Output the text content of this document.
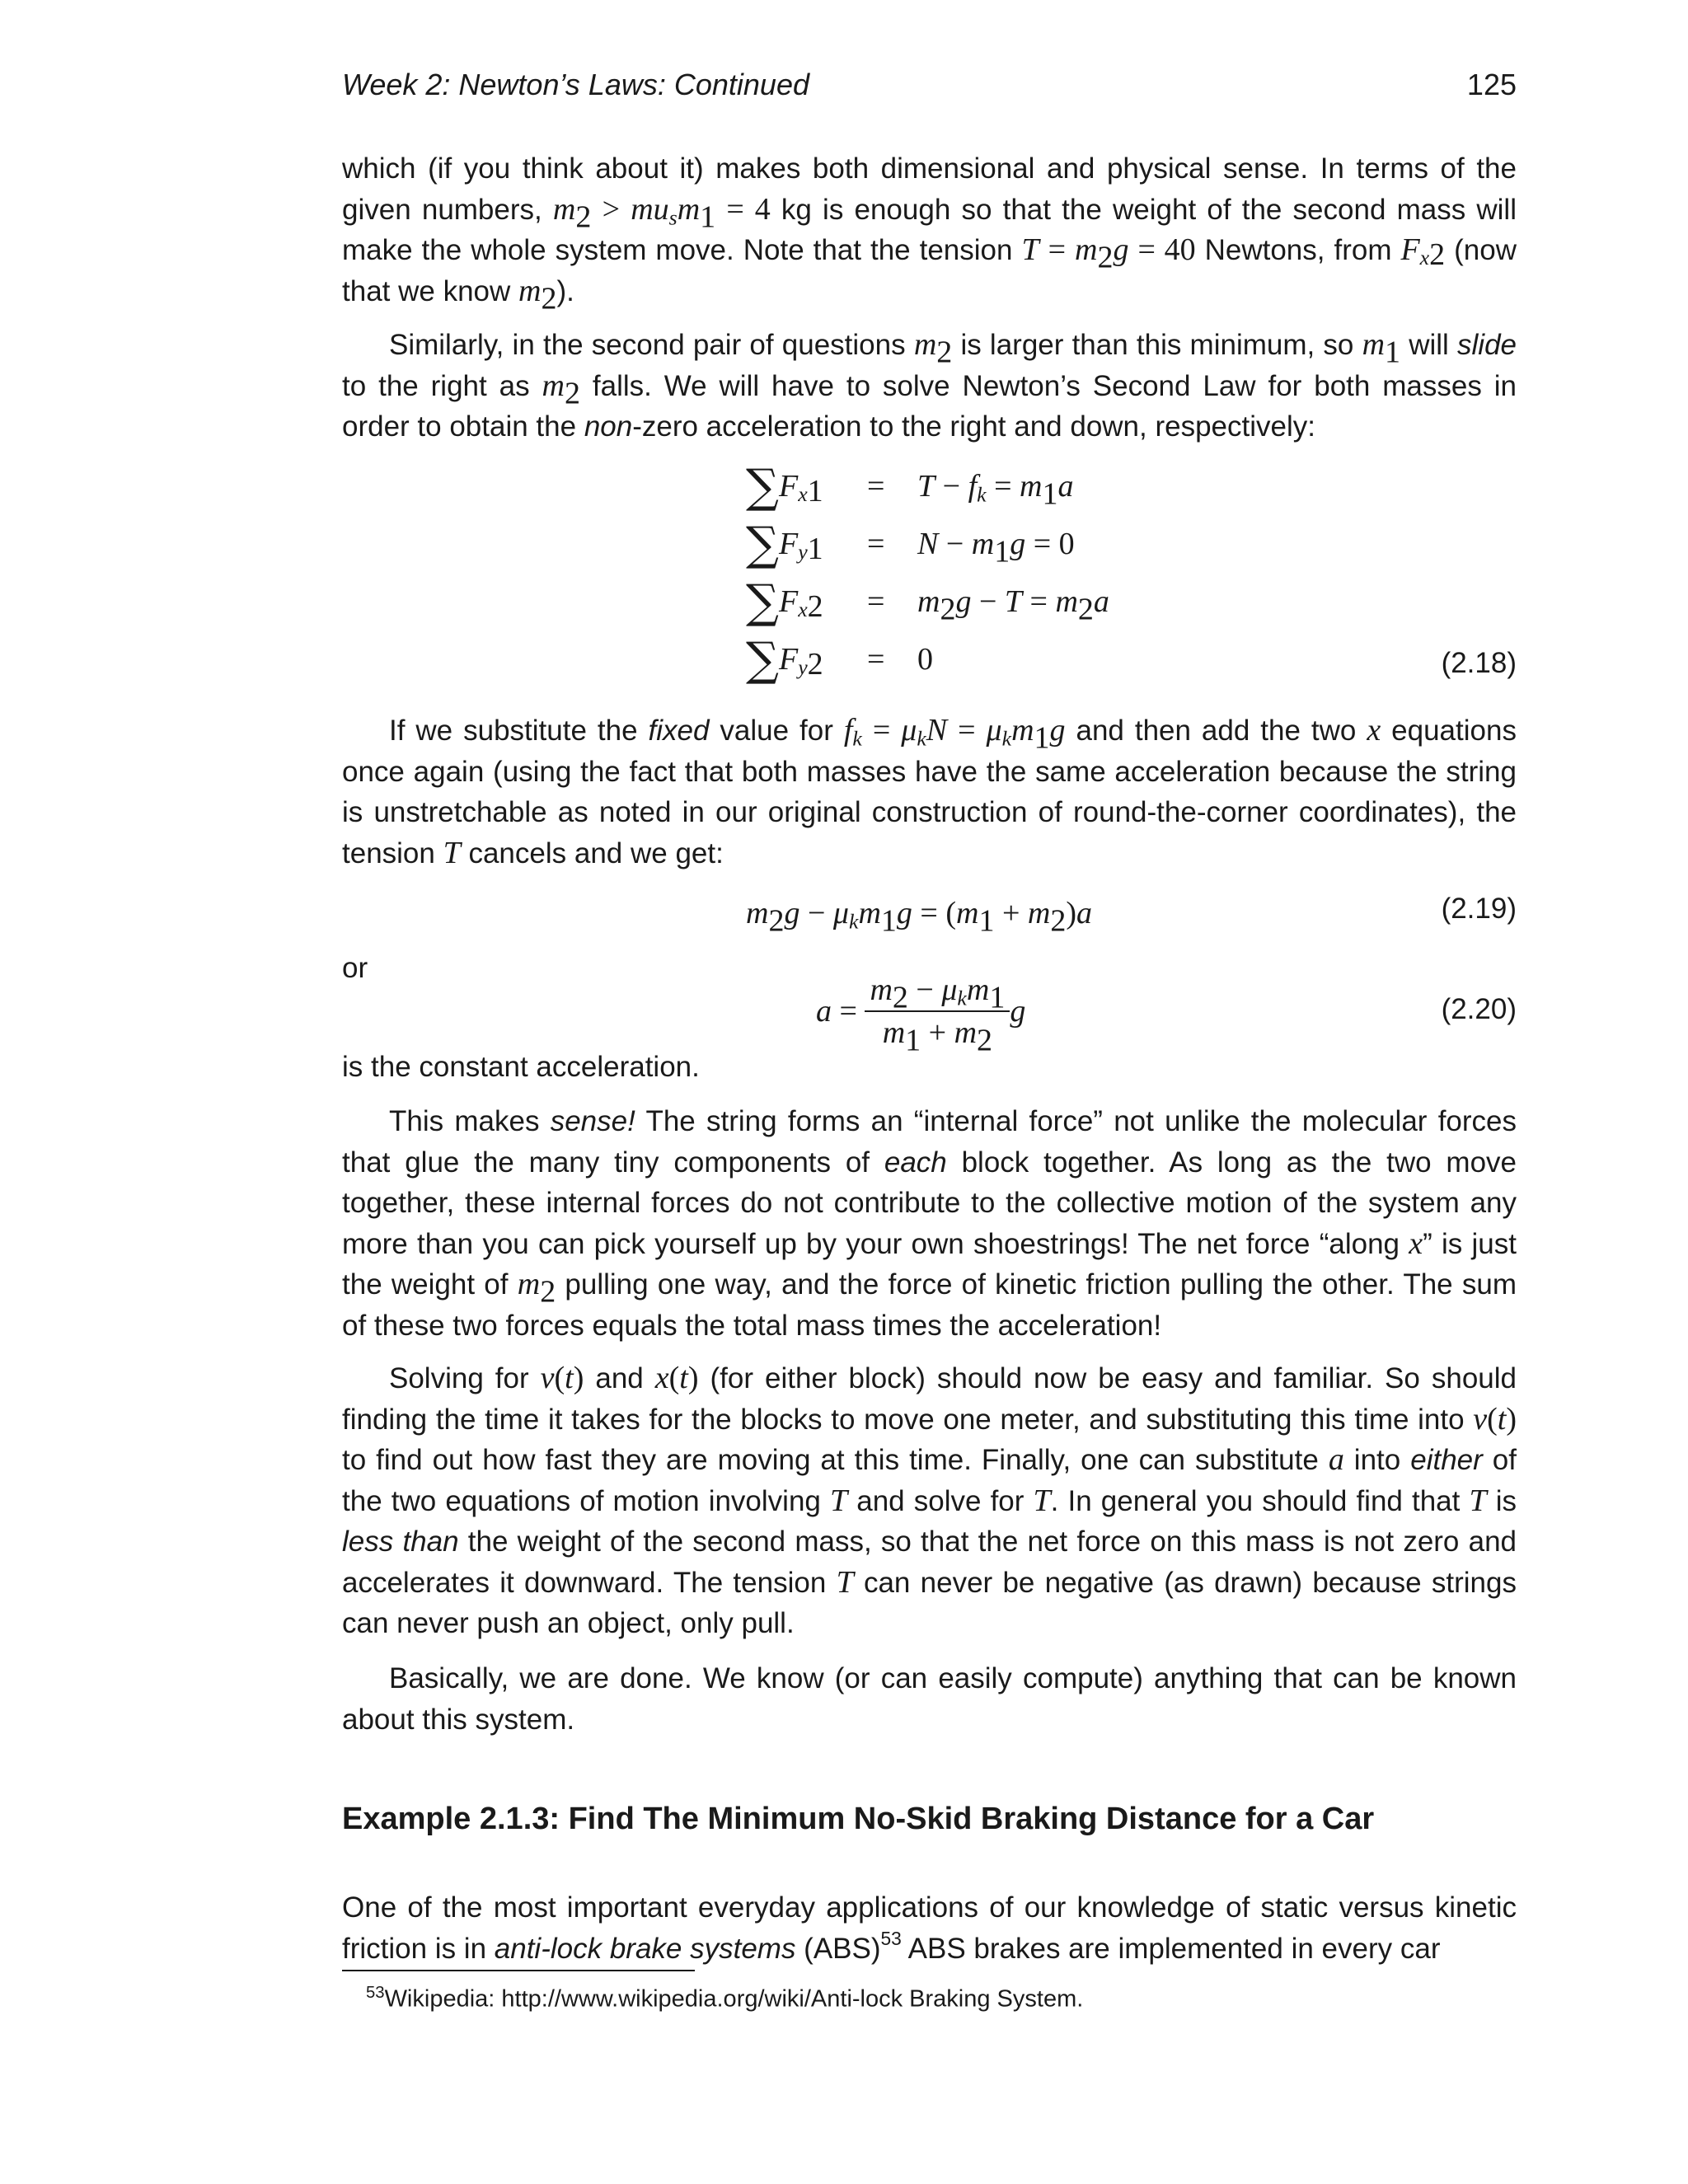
Week 2: Newton’s Laws: Continued	125

which (if you think about it) makes both dimensional and physical sense. In terms of the given numbers, $m_2 > mu_sm_1 = 4$ kg is enough so that the weight of the second mass will make the whole system move. Note that the tension $T = m_2g = 40$ Newtons, from $F_{x2}$ (now that we know $m_2$).

Similarly, in the second pair of questions $m_2$ is larger than this minimum, so $m_1$ will slide to the right as $m_2$ falls. We will have to solve Newton’s Second Law for both masses in order to obtain the non-zero acceleration to the right and down, respectively:

$\sum F_{x1} = T - f_k = m_1a$
$\sum F_{y1} = N - m_1g = 0$
$\sum F_{x2} = m_2g - T = m_2a$
$\sum F_{y2} = 0$	(2.18)

If we substitute the fixed value for $f_k = \mu_kN = \mu_km_1g$ and then add the two x equations once again (using the fact that both masses have the same acceleration because the string is unstretchable as noted in our original construction of round-the-corner coordinates), the tension T cancels and we get:

$m_2g - \mu_km_1g = (m_1 + m_2)a$	(2.19)

or

$a = \frac{m_2 - \mu_km_1}{m_1 + m_2}$ g	(2.20)

is the constant acceleration.

This makes sense! The string forms an “internal force” not unlike the molecular forces that glue the many tiny components of each block together. As long as the two move together, these internal forces do not contribute to the collective motion of the system any more than you can pick yourself up by your own shoestrings! The net force “along x” is just the weight of $m_2$ pulling one way, and the force of kinetic friction pulling the other. The sum of these two forces equals the total mass times the acceleration!

Solving for v(t) and x(t) (for either block) should now be easy and familiar. So should finding the time it takes for the blocks to move one meter, and substituting this time into v(t) to find out how fast they are moving at this time. Finally, one can substitute a into either of the two equations of motion involving T and solve for T. In general you should find that T is less than the weight of the second mass, so that the net force on this mass is not zero and accelerates it downward. The tension T can never be negative (as drawn) because strings can never push an object, only pull.

Basically, we are done. We know (or can easily compute) anything that can be known about this system.

Example 2.1.3: Find The Minimum No-Skid Braking Distance for a Car

One of the most important everyday applications of our knowledge of static versus kinetic friction is in anti-lock brake systems (ABS)$^{53}$ ABS brakes are implemented in every car

$^{53}$Wikipedia: http://www.wikipedia.org/wiki/Anti-lock Braking System.
